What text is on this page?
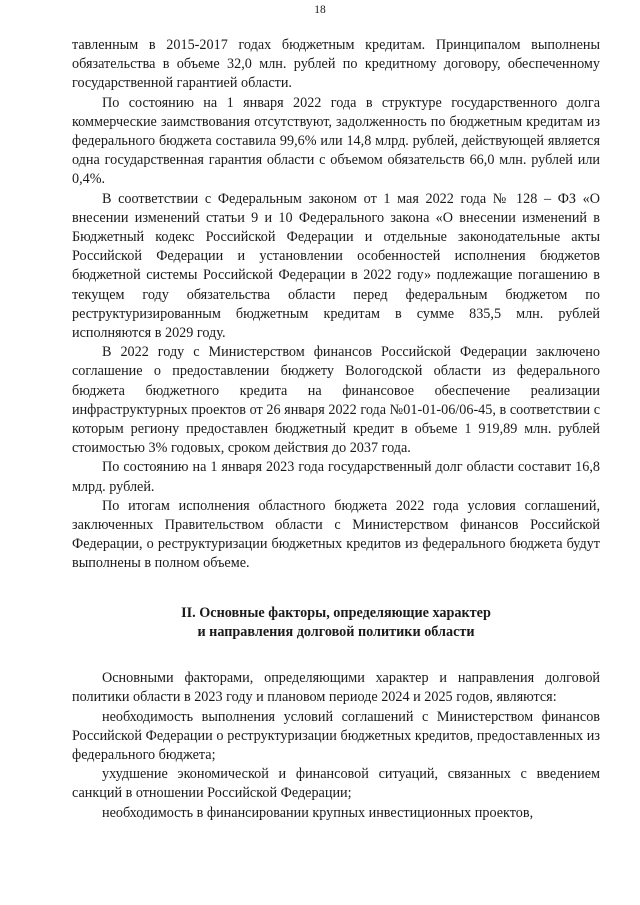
18

тавленным в 2015-2017 годах бюджетным кредитам. Принципалом выполнены обязательства в объеме 32,0 млн. рублей по кредитному договору, обеспеченному государственной гарантией области.

По состоянию на 1 января 2022 года в структуре государственного долга коммерческие заимствования отсутствуют, задолженность по бюджетным кредитам из федерального бюджета составила 99,6% или 14,8 млрд. рублей, действующей является одна государственная гарантия области с объемом обязательств 66,0 млн. рублей или 0,4%.

В соответствии с Федеральным законом от 1 мая 2022 года № 128 – ФЗ «О внесении изменений статьи 9 и 10 Федерального закона «О внесении изменений в Бюджетный кодекс Российской Федерации и отдельные законодательные акты Российской Федерации и установлении особенностей исполнения бюджетов бюджетной системы Российской Федерации в 2022 году» подлежащие погашению в текущем году обязательства области перед федеральным бюджетом по реструктуризированным бюджетным кредитам в сумме 835,5 млн. рублей исполняются в 2029 году.

В 2022 году с Министерством финансов Российской Федерации заключено соглашение о предоставлении бюджету Вологодской области из федерального бюджета бюджетного кредита на финансовое обеспечение реализации инфраструктурных проектов от 26 января 2022 года №01-01-06/06-45, в соответствии с которым региону предоставлен бюджетный кредит в объеме 1 919,89 млн. рублей стоимостью 3% годовых, сроком действия до 2037 года.

По состоянию на 1 января 2023 года государственный долг области составит 16,8 млрд. рублей.

По итогам исполнения областного бюджета 2022 года условия соглашений, заключенных Правительством области с Министерством финансов Российской Федерации, о реструктуризации бюджетных кредитов из федерального бюджета будут выполнены в полном объеме.

II. Основные факторы, определяющие характер
и направления долговой политики области

Основными факторами, определяющими характер и направления долговой политики области в 2023 году и плановом периоде 2024 и 2025 годов, являются:

необходимость выполнения условий соглашений с Министерством финансов Российской Федерации о реструктуризации бюджетных кредитов, предоставленных из федерального бюджета;

ухудшение экономической и финансовой ситуаций, связанных с введением санкций в отношении Российской Федерации;

необходимость в финансировании крупных инвестиционных проектов,
